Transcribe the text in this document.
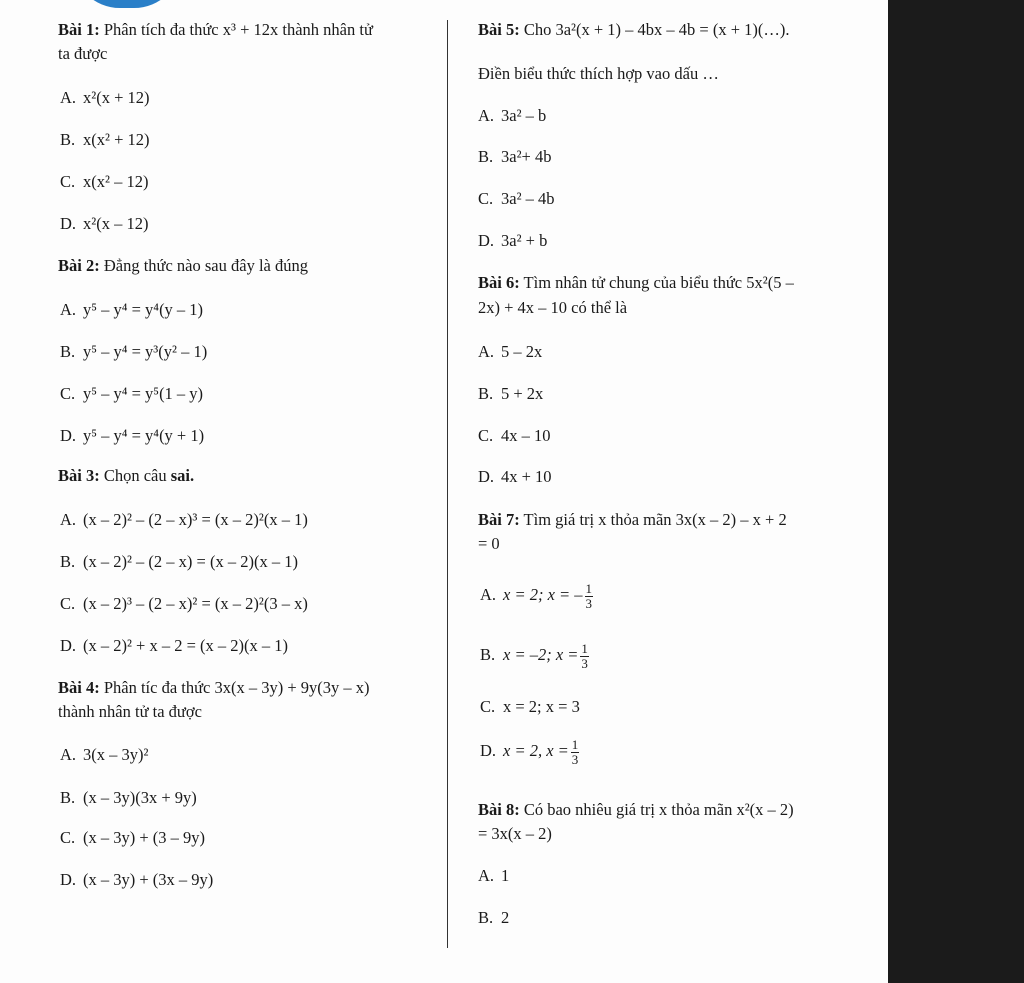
Bài 1: Phân tích đa thức x³ + 12x thành nhân tử
ta được
A. x²(x + 12)
B. x(x² + 12)
C. x(x² – 12)
D. x²(x – 12)
Bài 2: Đẳng thức nào sau đây là đúng
A. y⁵ – y⁴ = y⁴(y – 1)
B. y⁵ – y⁴ = y³(y² – 1)
C. y⁵ – y⁴ = y⁵(1 – y)
D. y⁵ – y⁴ = y⁴(y + 1)
Bài 3: Chọn câu sai.
A. (x – 2)² – (2 – x)³ = (x – 2)²(x – 1)
B. (x – 2)² – (2 – x) = (x – 2)(x – 1)
C. (x – 2)³ – (2 – x)² = (x – 2)²(3 – x)
D. (x – 2)² + x – 2 = (x – 2)(x – 1)
Bài 4: Phân tíc đa thức 3x(x – 3y) + 9y(3y – x)
thành nhân tử ta được
A. 3(x – 3y)²
B. (x – 3y)(3x + 9y)
C. (x – 3y) + (3 – 9y)
D. (x – 3y) + (3x – 9y)
Bài 5: Cho 3a²(x + 1) – 4bx – 4b = (x + 1)(…).
Điền biểu thức thích hợp vao dấu …
A. 3a² – b
B. 3a²+ 4b
C. 3a² – 4b
D. 3a² + b
Bài 6: Tìm nhân tử chung của biểu thức 5x²(5 –
2x) + 4x – 10 có thể là
A. 5 – 2x
B. 5 + 2x
C. 4x – 10
D. 4x + 10
Bài 7: Tìm giá trị x thỏa mãn 3x(x – 2) – x + 2
= 0
A. x = 2; x = – $\frac{1}{3}$
B. x = –2; $x = \frac{1}{3}$
C. x = 2; x = 3
D. x = 2, $x = \frac{1}{3}$
Bài 8: Có bao nhiêu giá trị x thỏa mãn x²(x – 2)
= 3x(x – 2)
A. 1
B. 2
